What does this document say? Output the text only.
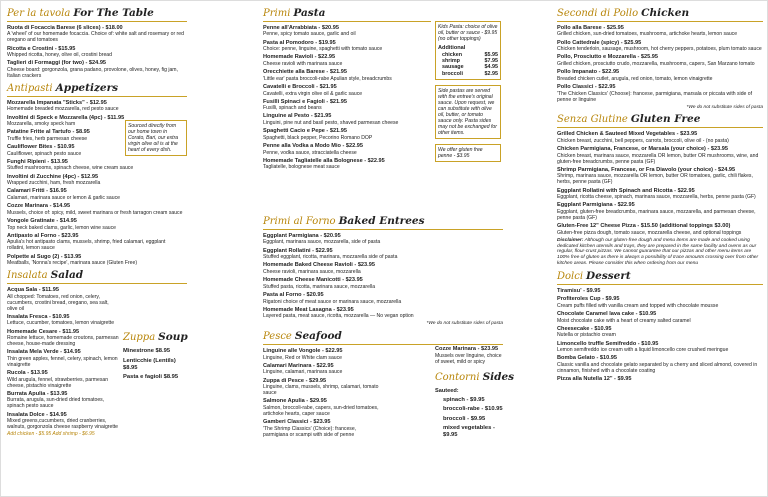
Per la tavola For The Table
Ruota di Focaccia Barese (6 slices) - $18.00
A 'wheel' of our homemade focaccia. Choice of: white salt and rosemary or red oregano and tomatoes
Ricotta e Crostini - $15.95
Whipped ricotta, honey, olive oil, crostini bread
Taglieri di Formaggi (for two) - $24.95
Cheese board: gorgonzola, grana padano, provolone, olives, honey, fig jam, Italian crackers
Antipasti Appetizers
Sourced directly from our home town in Corato, Bari, our extra virgin olive oil is at the heart of every dish.
Mozzarella Impanata "Sticks" - $12.95
Homemade breaded mozzarella, red pesto sauce
Involtini di Speck e Mozzarella (4pc) - $11.95
Mozzarella, smoky speck ham
Patatine Fritte al Tartufo - $8.95
Truffle fries, herb parmesan cheese
Cauliflower Bites - $10.95
Cauliflower, spinach pesto sauce
Funghi Ripieni - $13.95
Stuffed mushrooms, spinach cheese, wine cream sauce
Involtini di Zucchine (4pc) - $12.95
Wrapped zucchini, ham, fresh mozzarella
Calamari Fritti - $16.95
Calamari, marinara sauce or lemon & garlic sauce
Cozze Marinara - $14.95
Mussels, choice of: spicy, mild, sweet marinara or fresh tarragon cream sauce
Vongole Gratinate - $14.95
Top neck baked clams, garlic, lemon wine sauce
Antipasto al Forno - $23.95
Apulia's hot antipasto clams, mussels, shrimp, fried calamari, eggplant rollatini, lemon sauce
Polpette al Sugo (2) - $13.95
Meatballs, 'Nonna's recipe', marinara sauce (Gluten Free)
Insalata Salad
Acqua Sala - $11.95
All chopped: Tomatoes, red onion, celery, cucumbers, crostini bread, oregano, sea salt, olive oil
Insalata Fresca - $10.95
Lettuce, cucumber, tomatoes, lemon vinaigrette
Homemade Cesare - $11.95
Romaine lettuce, homemade croutons, parmesan cheese, house-made dressing
Insalata Mela Verde - $14.95
Thin green apples, fennel, celery, spinach, lemon vinaigrette
Rucola - $13.95
Wild arugula, fennel, strawberries, parmesan cheese, pistachio vinaigrette
Burrata Apulia - $13.95
Burrata, arugula, sun-dried dried tomatoes, spinach pesto sauce
Insalata Dolce - $14.95
Mixed greens,cucumbers, dried cranberries, walnuts, gorgonzola cheese raspberry vinaigrette
Add chicken - $5.95 Add shrimp - $6.95
Zuppa Soup
Minestrone $8.95
Lenticchie (Lentils) $8.95
Pasta e fagioli $8.95
Primi Pasta
Penne all'Arrabbiata - $20.95
Penne, spicy tomato sauce, garlic and oil
Pasta al Pomodoro - $19.95
Choice: penne, linguine, spaghetti with tomato sauce
Homemade Ravioli - $22.95
Cheese ravioli with marinara sauce
Orecchiette alla Barese - $21.95
'Little ear' pasta broccoli-rabe Apulian style, breadcrumbs
Cavatelli e Broccoli - $21.95
Cavatelli, extra virgin olive oil & garlic sauce
Fusilli Spinaci e Fagioli - $21.95
Fusilli, spinach and beans
Linguine al Pesto - $21.95
Linguini, pine nut and basil pesto, shaved parmesan cheese
Spaghetti Cacio e Pepe - $21.95
Spaghetti, black pepper, Pecorino Romano DOP
Penne alla Vodka a Modo Mio - $22.95
Penne, vodka sauce, stracciatella cheese
Homemade Tagliatelle alla Bolognese - $22.95
Tagliatelle, bolognese meat sauce
Kids Pasta: choice of olive oil, butter or sauce - $9.95 (no other toppings)
Additional
chicken	$5.95
shrimp	$7.95
sausage	$4.95
broccoli	$2.95
Side pastas are served with the entree's original sauce. Upon request, we can substitute with olive oil, butter, or tomato sauce only. Pasta sides may not be exchanged for other items.
We offer gluten free penne - $3.95
Primi al Forno Baked Entrees
Eggplant Parmigiana - $20.95
Eggplant, marinara sauce, mozzarella, side of pasta
Eggplant Rollatini - $22.95
Stuffed eggplant, ricotta, marinara, mozzarella side of pasta
Homemade Baked Cheese Ravioli - $23.95
Cheese ravioli, marinara sauce, mozzarella
Homemade Cheese Manicotti - $23.95
Stuffed pasta, ricotta, marinara sauce, mozzarella
Pasta al Forno - $20.95
Rigatoni choice of meat sauce or marinara sauce, mozzarella
Homemade Meat Lasagna - $23.95
Layered pasta, meat sauce, ricotta, mozzarella — No vegan option
*We do not substitute sides of pasta
Pesce Seafood
Linguine alle Vongole - $22.95
Linguine, Red or White clam sauce
Calamari Marinara - $22.95
Linguine, calamari, marinara sauce
Zuppa di Pesce - $29.95
Linguine, clams, mussels, shrimp, calamari, tomato sauce
Salmone Apulia - $29.95
Salmon, broccoli-rabe, capers, sun-dried tomatoes, artichoke hearts, caper sauce
Gamberi Classici - $23.95
'The Shrimp Classics' (Choice): francese, parmigiana or scampi with side of penne
Cozze Marinara - $23.95
Mussels over linguine, choice of sweet, mild or spicy
Contorni Sides
Sauteed:
spinach - $9.95
broccoli-rabe - $10.95
broccoli - $9.95
mixed vegetables - $9.95
Secondi di Pollo Chicken
Pollo alla Barese - $25.95
Grilled chicken, sun-dried tomatoes, mushrooms, artichoke hearts, lemon sauce
Pollo Cattedrale (spicy) - $25.95
Chicken tenderloin, sausage, mushroom, hot cherry peppers, potatoes, plum tomato sauce
Pollo, Prosciutto e Mozzarella - $25.95
Grilled chicken, prosciutto crudo, mozzarella, mushrooms, capers, San Marzano tomato
Pollo Impanato - $22.95
Breaded chicken cutlet, arugula, red onion, tomato, lemon vinaigrette
Pollo Classici - $22.95
'The Chicken Classics' (Choose): francese, parmigiana, marsala or piccata with side of penne or linguine
*We do not substitute sides of pasta
Senza Glutine Gluten Free
Grilled Chicken & Sauteed Mixed Vegetables - $23.95
Chicken breast, zucchini, bell peppers, carrots, broccoli, olive oil - (no pasta)
Chicken Parmigiana, Francese, or Marsala (your choice) - $23.95
Chicken breast, marinara sauce, mozzarella OR lemon, butter OR mushrooms, wine, and gluten-free breadcrumbs, penne pasta (GF)
Shrimp Parmigiana, Francese, or Fra Diavolo (your choice) - $24.95
Shrimp, marinara sauce, mozzarella OR lemon, butter OR tomatoes, garlic, chili flakes, herbs, penne pasta (GF)
Eggplant Rollatini with Spinach and Ricotta - $22.95
Eggplant, ricotta cheese, spinach, marinara sauce, mozzarella, herbs, penne pasta (GF)
Eggplant Parmigiana - $22.95
Eggplant, gluten-free breadcrumbs, marinara sauce, mozzarella, and parmesan cheese, penne pasta (GF)
Gluten-Free 12" Cheese Pizza - $15.50 (additional toppings $3.00)
Gluten-free pizza dough, tomato sauce, mozzarella cheese, and optional toppings
Disclaimer: Although our gluten-free dough and menu items are made and cooked using dedicated kitchen utensils and trays, they are prepared in the same facility and ovens as our regular, flour-crust pizzas. We cannot guarantee that our pizzas and other menu items are 100% free of gluten as there is always a possibility of trace amounts crossing over from other kitchen areas. Please consider this when ordering from our menu
Dolci Dessert
Tiramisu' - $9.95
Profiteroles Cup - $9.95
Cream puffs filled with vanilla cream and topped with chocolate mousse
Chocolate Caramel lava cake - $10.95
Moist chocolate cake with a heart of creamy salted caramel
Cheesecake - $10.95
Nutella or pistachio cream
Limoncello truffle Semifreddo - $10.95
Lemon semifreddo ice cream with a liquid limoncello core crushed meringue
Bomba Gelato - $10.95
Classic vanilla and chocolate gelato separated by a cherry and sliced almond, covered in cinnamon, finished with a chocolate coating
Pizza alla Nutella 12" - $9.95
